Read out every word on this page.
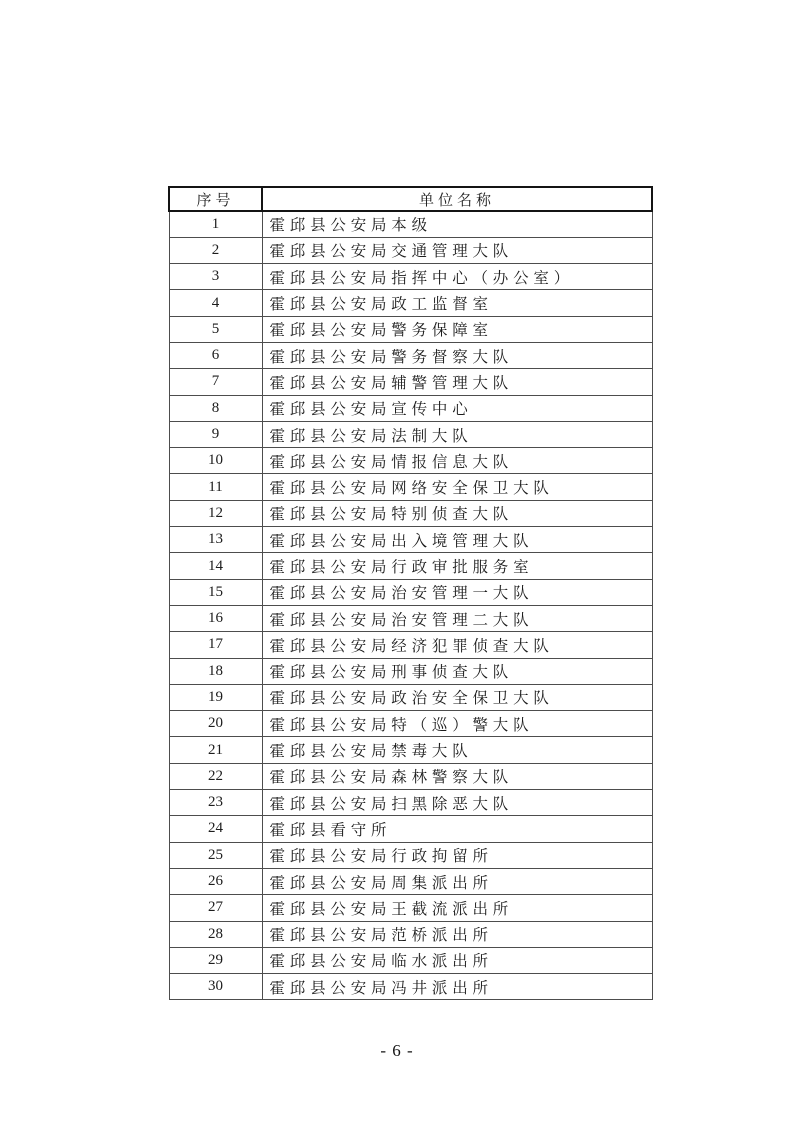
序号	单位名称
1	霍邱县公安局本级
2	霍邱县公安局交通管理大队
3	霍邱县公安局指挥中心（办公室）
4	霍邱县公安局政工监督室
5	霍邱县公安局警务保障室
6	霍邱县公安局警务督察大队
7	霍邱县公安局辅警管理大队
8	霍邱县公安局宣传中心
9	霍邱县公安局法制大队
10	霍邱县公安局情报信息大队
11	霍邱县公安局网络安全保卫大队
12	霍邱县公安局特别侦查大队
13	霍邱县公安局出入境管理大队
14	霍邱县公安局行政审批服务室
15	霍邱县公安局治安管理一大队
16	霍邱县公安局治安管理二大队
17	霍邱县公安局经济犯罪侦查大队
18	霍邱县公安局刑事侦查大队
19	霍邱县公安局政治安全保卫大队
20	霍邱县公安局特（巡）警大队
21	霍邱县公安局禁毒大队
22	霍邱县公安局森林警察大队
23	霍邱县公安局扫黑除恶大队
24	霍邱县看守所
25	霍邱县公安局行政拘留所
26	霍邱县公安局周集派出所
27	霍邱县公安局王截流派出所
28	霍邱县公安局范桥派出所
29	霍邱县公安局临水派出所
30	霍邱县公安局冯井派出所
- 6 -
